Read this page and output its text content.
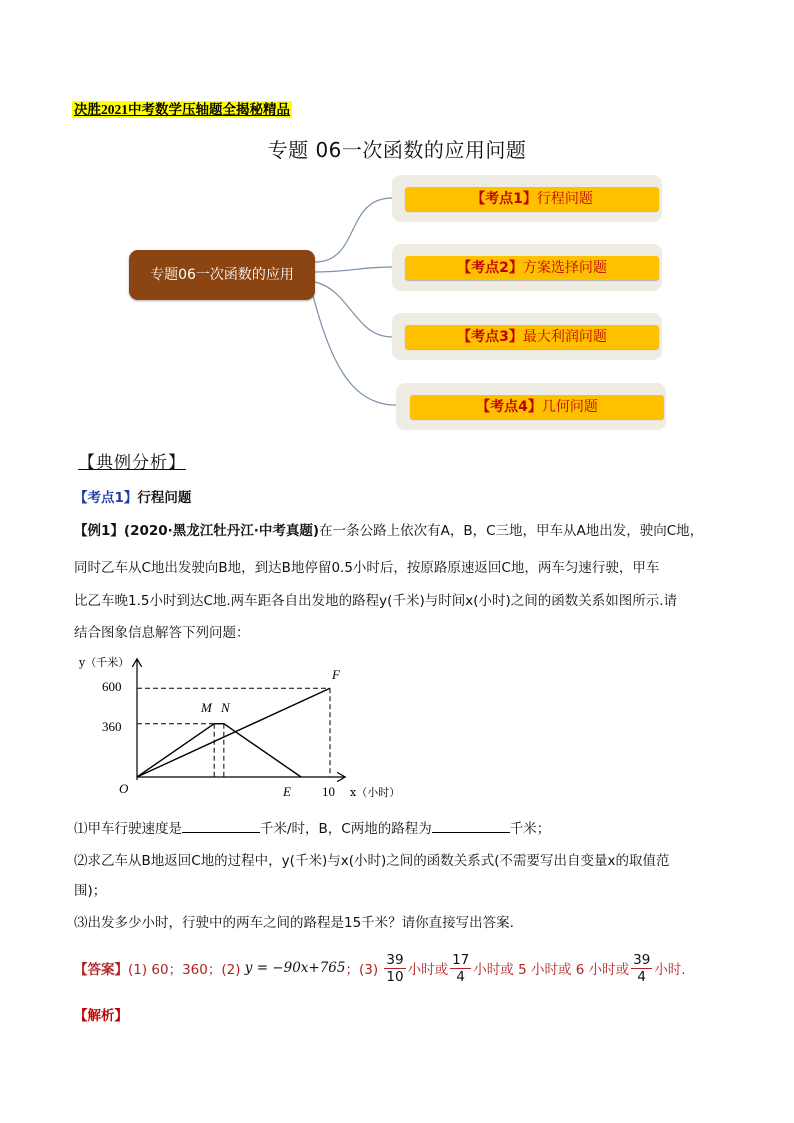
决胜2021中考数学压轴题全揭秘精品
专题 06一次函数的应用问题
专题06一次函数的应用
【考点1】行程问题
【考点2】方案选择问题
【考点3】最大利润问题
【考点4】几何问题
【典例分析】
【考点1】行程问题
【例1】(2020·黑龙江牡丹江·中考真题)在一条公路上依次有A，B，C三地，甲车从A地出发，驶向C地，
同时乙车从C地出发驶向B地，到达B地停留0.5小时后，按原路原速返回C地，两车匀速行驶，甲车
比乙车晚1.5小时到达C地.两车距各自出发地的路程y(千米)与时间x(小时)之间的函数关系如图所示.请
结合图象信息解答下列问题：
y（千米）
x（小时）
600
360
10
O
M N
E
F
⑴甲车行驶速度是	千米/时，B，C两地的路程为	千米；
⑵求乙车从B地返回C地的过程中，y(千米)与x(小时)之间的函数关系式(不需要写出自变量x的取值范
围)；
⑶出发多少小时，行驶中的两车之间的路程是15千米？请你直接写出答案.
【答案】 (1) 60；360；(2) y = −90x+765 ；$(3) \frac{39}{10}$ 小时或 $\frac{17}{4}$ 小时或 5 小时或 6 小时或 $\frac{39}{4}$ 小时.
【解析】
